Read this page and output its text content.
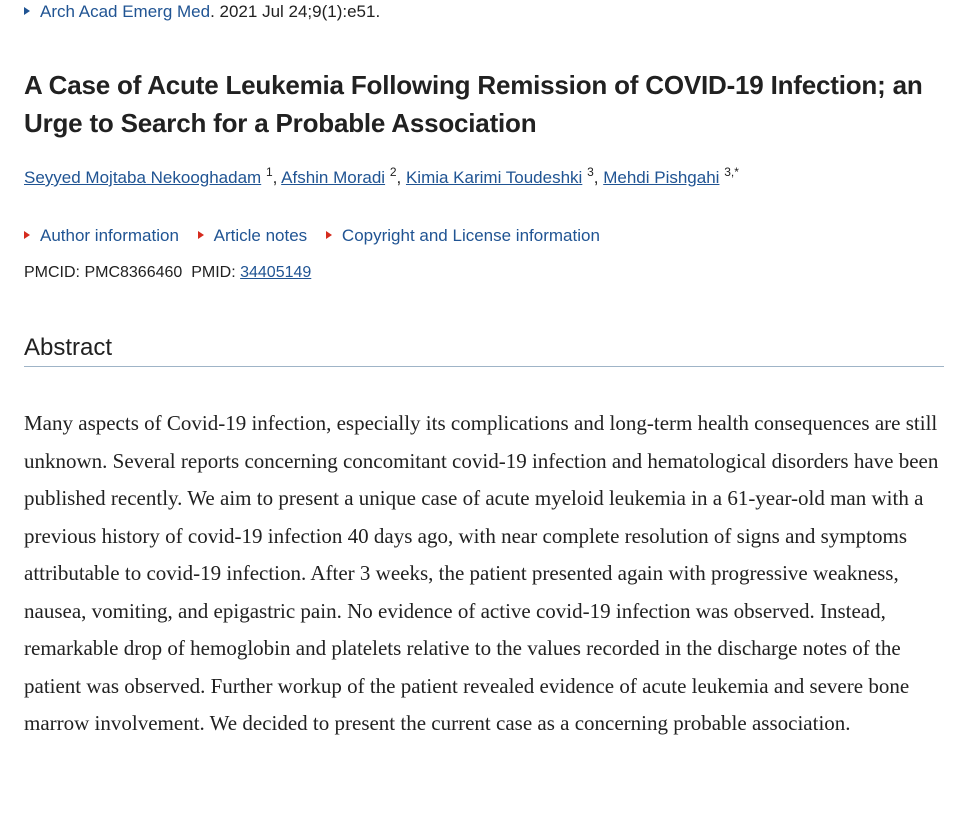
Arch Acad Emerg Med. 2021 Jul 24;9(1):e51.
A Case of Acute Leukemia Following Remission of COVID-19 Infection; an Urge to Search for a Probable Association
Seyyed Mojtaba Nekooghadam $^1$, Afshin Moradi $^2$, Kimia Karimi Toudeshki $^3$, Mehdi Pishgahi $^{3,*}$
Author information Article notes Copyright and License information
PMCID: PMC8366460 PMID: 34405149
Abstract

Many aspects of Covid-19 infection, especially its complications and long-term health consequences are still unknown. Several reports concerning concomitant covid-19 infection and hematological disorders have been published recently. We aim to present a unique case of acute myeloid leukemia in a 61-year-old man with a previous history of covid-19 infection 40 days ago, with near complete resolution of signs and symptoms attributable to covid-19 infection. After 3 weeks, the patient presented again with progressive weakness, nausea, vomiting, and epigastric pain. No evidence of active covid-19 infection was observed. Instead, remarkable drop of hemoglobin and platelets relative to the values recorded in the discharge notes of the patient was observed. Further workup of the patient revealed evidence of acute leukemia and severe bone marrow involvement. We decided to present the current case as a concerning probable association.
